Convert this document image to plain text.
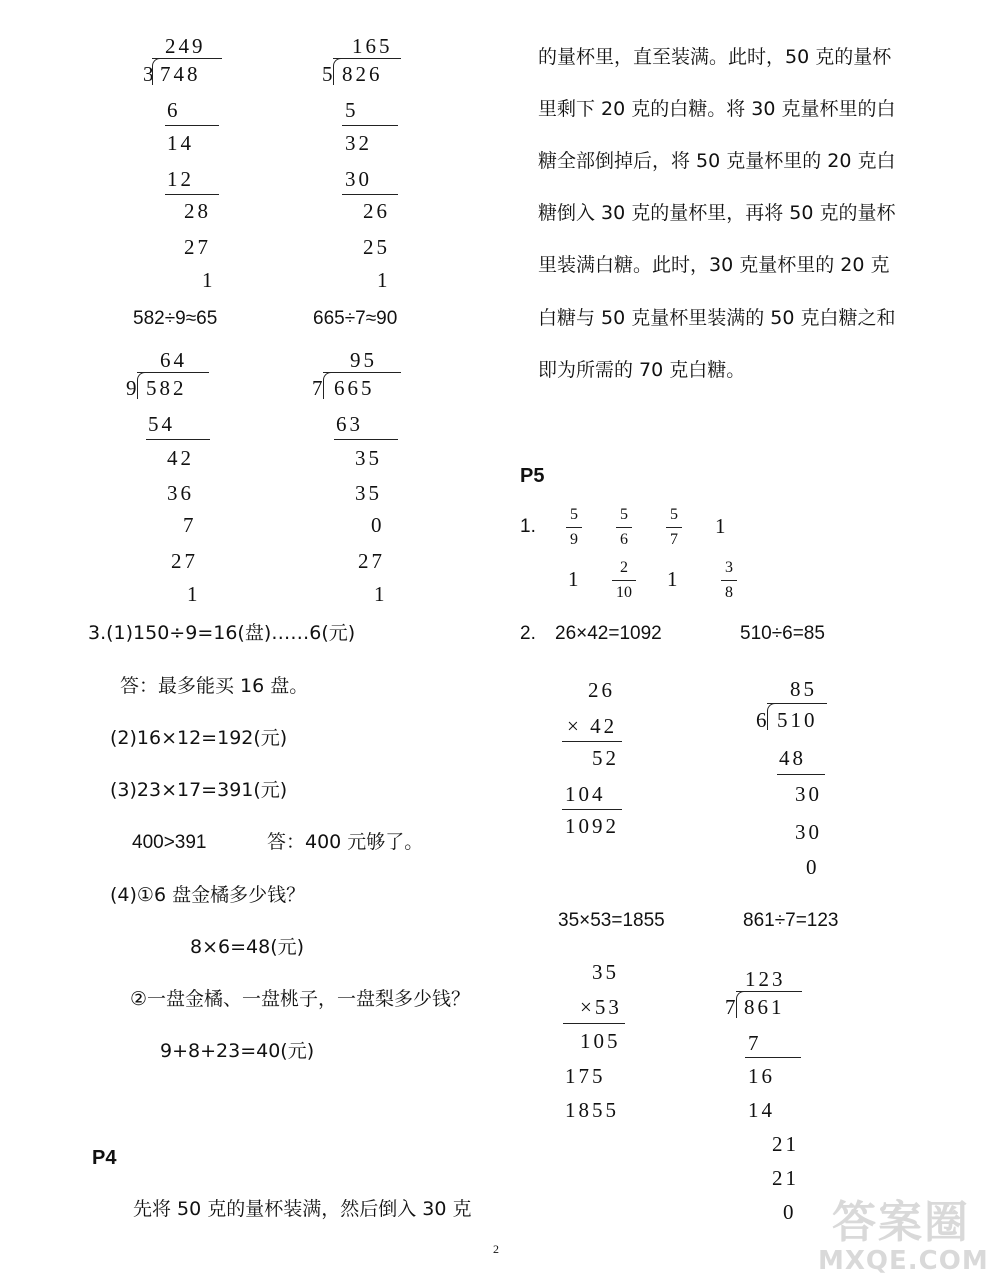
249
3 748
6
14
12
28
27
1
165
5 826
5
32
30
26
25
1
582÷9≈65	665÷7≈90
64
9 582
54
42
36
7
27
1
95
7 665
63
35
35
0
27
1
3.(1)150÷9=16(盘)……6(元)
答：最多能买 16 盘。
(2)16×12=192(元)
(3)23×17=391(元)
400>391	答：400 元够了。
(4)①6 盘金橘多少钱？
8×6=48(元)
②一盘金橘、一盘桃子，一盘梨多少钱？
9+8+23=40(元)
P4
先将 50 克的量杯装满，然后倒入 30 克
的量杯里，直至装满。此时，50 克的量杯
里剩下 20 克的白糖。将 30 克量杯里的白
糖全部倒掉后，将 50 克量杯里的 20 克白
糖倒入 30 克的量杯里，再将 50 克的量杯
里装满白糖。此时，30 克量杯里的 20 克
白糖与 50 克量杯里装满的 50 克白糖之和
即为所需的 70 克白糖。
P5
1.
5
9
5
6
5
7
1
1	2
10
1	3
8
2. 26×42=1092	510÷6=85
26
× 42
52
104
1092
85
6 510
48
30
30
0
35×53=1855	861÷7=123
35
×53
105
175
1855
123
7 861
7
16
14
21
21
0
2
答案圈
MXQE.COM
